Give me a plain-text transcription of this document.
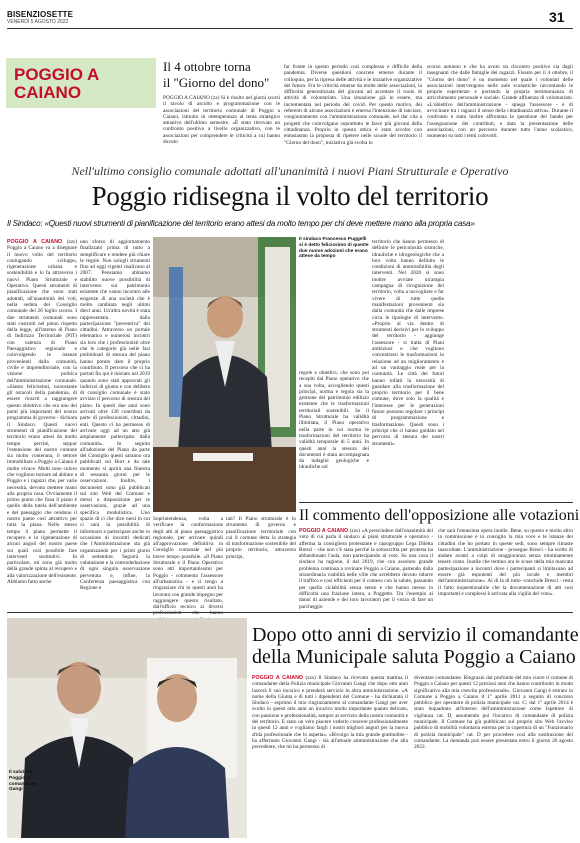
BISENZIOSETTE
VENERDÌ 5 AGOSTO 2022	31
POGGIO A
CAIANO
Il 4 ottobre torna
il "Giorno del dono"
POGGIO A CAIANO (zz) Si è risolto nel giorni scorsi il tavolo di ascolto e programmazione con le associazioni del territorio comunale di Poggio a Caiano, istituito in ottemperanza al tema strategico attuativo dell'ultimo semestre. «È stato ritrovato un confronto positivo a livello organizzativo, con le associazioni per comprendere le criticità a cui hanno dovuto
far fronte in questo periodo così complesso e difficile della pandemia. Diverse questioni concrete emerse durante il colloquio, per la ripresa delle attività e le iniziative organizzative del futuro. Fra le criticità emerse da molte delle associazioni, la difficoltà generalizzata del giovani ad accettare il ruolo di attività di volontariato. Una situazione già in essere, ma incrementata nel periodo del covid. Per questo motivo, dei referenti di alcune associazioni è emersa l'intenzione di lanciare, congiuntamente con l'amministrazione comunale, nel dar vita a progetti che coinvolgano soprattutto le fasce più giovani della cittadinanza. Proprio in questa ottica è stato accolto con entusiasmo la proposta di ripetere nelle scuole del territorio il "Giorno del dono", iniziativa già svolta lo
scorso autunno e che ha avuto un riscontro positivo sia dagli insegnanti che dalle famiglie dei ragazzi. Fissato per il 4 ottobre, il "Giorno del dono" è un momento nel quale i volontari delle associazioni intervengono nelle aule scolastiche raccontando le proprie esperienze e portando la propria testimonianza di arricchimento personale e sociale. Grande affluenza di volontariato. «L'obiettivo dell'amministrazione - spiega l'assessore - è di avvicinare tra i ragazzi il senso della cittadinanza attiva». Durante il confronto è stata inoltre affrontata la questione del bando per l'assegnazione dei contributi, e data la presentazione delle associazioni, con un percorso durante tutto l'anno scolastico, momento su tutti i temi coinvolti.
Nell'ultimo consiglio comunale adottati all'unanimità i nuovi Piani Strutturale e Operativo
Poggio ridisegna il volto del territorio
Il Sindaco: «Questi nuovi strumenti di pianificazione del territorio erano attesi da molto tempo per chi deve mettere mano alla propria casa»
POGGIO A CAIANO (zzs) Poggio a Caiano va a disegnare il nuovo volto del territorio coniugando sviluppo, rigenerazione urbana e sostenibilità e lo fa attraverso i nuovi Piano Strutturale e Operativo. Questi strumenti di pianificazione che sono stati adottati, all'unanimità dei voti, nella seduta del Consiglio comunale del 26 luglio scorso. I due strumenti comunali sono stati costruiti nel pieno rispetto della legge, all'interno di Piano di Indirizzo Territoriale (PIT) con valenza di Piano Paesaggistico regionale e coinvolgendo le istanze provenienti dalla comunità, civile e imprenditoriale, con la visione politica dell'amministrazione comunale. «Siamo felicissimi, nonostante gli ostacoli della pandemia, di essere riusciti a raggiungere questo obiettivo che era uno dei punti più importanti del nostro programma di governo - dichiara il Sindaco. Questi nuovi strumenti di pianificazione del territorio erano attesi da molto tempo perché, seppur l'estensione del nostro comune sia molto contenuta, il settore immobiliare a Poggio a Caiano è molto vivace. Molti sono coloro che vogliono tornare ad abitare a Poggio e i ragazzi che, per varie necessità, devono mettere mano alla propria casa. Ovviamente il primo punto che fissa il piano è quello della tutela dell'ambiente e del paesaggio che rendono il nostro paese così attrattivo per tutta la piana. Nello stesso tempo il piano permette il recupero e la rigenerazione di alcuni angoli del nostro paese sui quali così possibile fare interventi sostitutivi. In particolare, mi sono già molto della grande spinta al recupero e alla valorizzazione dell'esistente. Abbiamo fatto anche
uno sforzo di aggiornamento finalizzato prima di tutto a semplificare e rendere più chiare le regole. Non sologli strumenti fino ad oggi vigenti risalivano al 2007. Pensiamo abbiamo stabilito nuove possibilità di intervento sul patrimonio esistente che vanno incontro alle esigenze di una società che è molto cambiata negli ultimi dieci anni. Un'altra novità è stata rappresentata dalla partecipazione "preventiva" dei cittadini. Attraverso un portale telematico e numerosi incontri sia loro che i professionisti oltre che le categorie già nelle fasi preliminari di stesura del piano hanno potuto dare il proprio contributo. Il percorso che ci ha portati fin qui è iniziato nel 2019 quando sono stati approvati gli indirizzi di giunta e con delibera di consiglio comunale è stato avviato il percorso di stesura del piano. In questi due anni sono arrivati oltre 130 contributi da parte di professionisti, cittadini, enti. Questo ci ha permesso di arrivare oggi ad un atto già ampiamente partecipato dalla comunità». In seguito all'adozione del Piano da parte del Consiglio questi saranno ora pubblicati sul Burt e da tale momento si aprirà una finestra di sessanta giorni per le osservazioni. Inoltre, i documenti sono già pubblicati sul sito Web del Comune e messi a disposizione per le osservazioni, grazie ad una specifica modulistica. Uno spazio di ci che dice mesi in cui ci sarà la possibilità di informarsi e partecipare anche in occasione di incontri dedicati che l'Amministrazione sta già organizzando per i primi giorni di settembre. Seguirà la valutazione e la controdeduzione di ogni singola osservazione pervenuta e, infine, la Conferenza paesaggistica con Regione e
Soprintendenza, volta a verificare la conformazione degli atti al piano paesaggistico regionale, per arrivare quindi all'approvazione definitiva in Consiglio comunale nel più breve tempo possibile. «Il Piano Strutturale e il Piano Operativo sono atti importantissimi per Poggio - commenta l'assessore all'urbanistica - e ci tengo a ringraziare chi in questi anni ha lavorato con grande impegno per raggiungere questo risultato, dall'ufficio tecnico ai diversi professionisti che hanno
tati? Il Piano strutturale è lo strumento di governo e pianificazione territoriale con cui il comune detta la strategia di trasformazione sostenibile del proprio territorio, attraverso principi,
regole e obiettivi, che sono poi recepiti dal Piano operativo che a sua volta, accogliendo questi principi, norma e regola sia la gestione del patrimonio edilizio esistente che le trasformazioni territoriali sostenibili. Se il Piano Strutturale ha validità illimitata, il Piano operativo nella parte in cui norma le trasformazioni del territorio ha validità temporale di 5 anni. In questi anni la stesura dei documenti è stata accompagnata da indagini geologiche e idrauliche sul
territorio che hanno permesso di definire le pericolosità sismiche, idrauliche e idrogeologiche che a loro volta hanno definito le condizioni di ammissibilità degli interventi. Nel 2020 si sono inoltre avviate un'ampia campagna di ricognizione del territorio, volta a raccogliere e far vivere di tutte quelle manifestazioni provenienti sia dalla comunità che dalle imprese circa le tipologie di intervento. «Proprio al via dentro di strumenti decisivi per lo sviluppo del territorio - aggiunge l'assessore - si tratta di Piani ambiziosi e che vogliono concentrarsi le trasformazioni in relazione ad un miglioramento e ad un vantaggio reale per la comunità. Le città dei futuri hanno infatti la necessità di guardare alla trasformazione del proprio territorio per il bene comune, dove solo la qualità e l'interesse per le generazioni future possono regolare i principi di programmazione e trasformazione. Questi sono i principi che ci hanno guidato nel percorso di stesura dei nostri strumenti».
Il sindaco Francesco Puggelli si è detto felicissimo di queste due nuove adozioni che erano attese da tempo
Il commento dell'opposizione alle votazioni
POGGIO A CAIANO (zzs) «A prescindere dall'unanimità del voto di cui parla il sindaco ai piani strutturale e operativo - afferma la consigliera protestante e capogruppo Lega Diletta Bresci - che non c'è stata perché la sottoscritta per protesta ha abbandonato l'aula, non partecipando al voto. Su una cosa il sindaco ha ragione, il dal 2019, che con assoluto grande problema continua a rovinare Poggio a Caiano, partendo dalla straordinaria viabilità nelle ville che avrebbero dovuto ridurre il traffico e così efficienti per il conteso con la salute, passando per quella ciclabilità senza senso e che hanno messo in difficoltà una frazione intera, a Poggetto. Tra l'esempio ai danni di aziende e dei loro lavoratori per il vezzo di fare un parcheggio
che sarà l'ennesima opera inutile. Bene, su questo e molto altro in commissione e in consiglio la mia voce e le istanze dei cittadini che ho portato in queste sedi, sono sempre rimaste inascoltate. L'amministrazione - prosegue Bresci - ha scelto di andare avanti a colpi di maggioranza senza minimamente tenere conto. Inutile che tentino ora le scuse della mia mancata partecipazione a incontri dove i partecipanti si limitavano ad essere già esponenti del più locale e membri dell'amministrazione». Al di là di tutto -conclude Bresci - resta il fatto inquestionabile che la documentazione di atti così importanti e complessi è arrivata alla vigilia del voto».
Il saluto di Poggio al comandante Gangi
Dopo otto anni di servizio il comandante
della Municipale saluta Poggio a Caiano
POGGIO A CAIANO (zzs) Il Sindaco ha ricevuto questa mattina il comandante della Polizia municipale Giovanni Gangi che dopo otto anni lascerà il suo incarico e prenderà servizio in altra amministrazione. «A nome della Giunta e di tutti i dipendenti del Comune - ha dichiarato il Sindaco - esprimo il mio ringraziamento al comandante Gangi per aver svolto in questi otto anni un incarico molto importante quanto delicato, con passione e professionalità, sempre al servizio della nostra comunità e del territorio. E stato un vero piacere vederlo crescere professionalmente in questi 12 anni e vogliamo fargli i nostri migliori auguri per la nuova sfida professionale che lo aspetta». «Rivolgo la mia grande gratitudine - ha affermato Giovanni Gangi - sia all'attuale amministrazione che alla precedente, che mi ha permesso di
diventare comandante. Ringrazio dal profondo del mio cuore il comune di Poggio a Caiano per questi 12 preziosi anni che hanno contribuito in modo significativo alla mia crescita professionale». Giovanni Gangi è entrato in Comune a Poggio a Caiano il 1° aprile 2011 a seguito di concorso pubblico per operatore di polizia municipale cat. C; dal 1° aprile 2014 è stato inquadrato all'interno dell'amministrazione come Ispettore di vigilanza cat. D, assumendo poi l'incarico di comandante di polizia municipale. Il Comune ha già pubblicato sul proprio sito Web l'avviso pubblico di mobilità volontaria esterna per la copertura di un "Funzionario di polizia municipale" cat. D per procedere così alla sostituzione del comandante. La domanda può essere presentata entro il giorno 26 agosto 2022.
